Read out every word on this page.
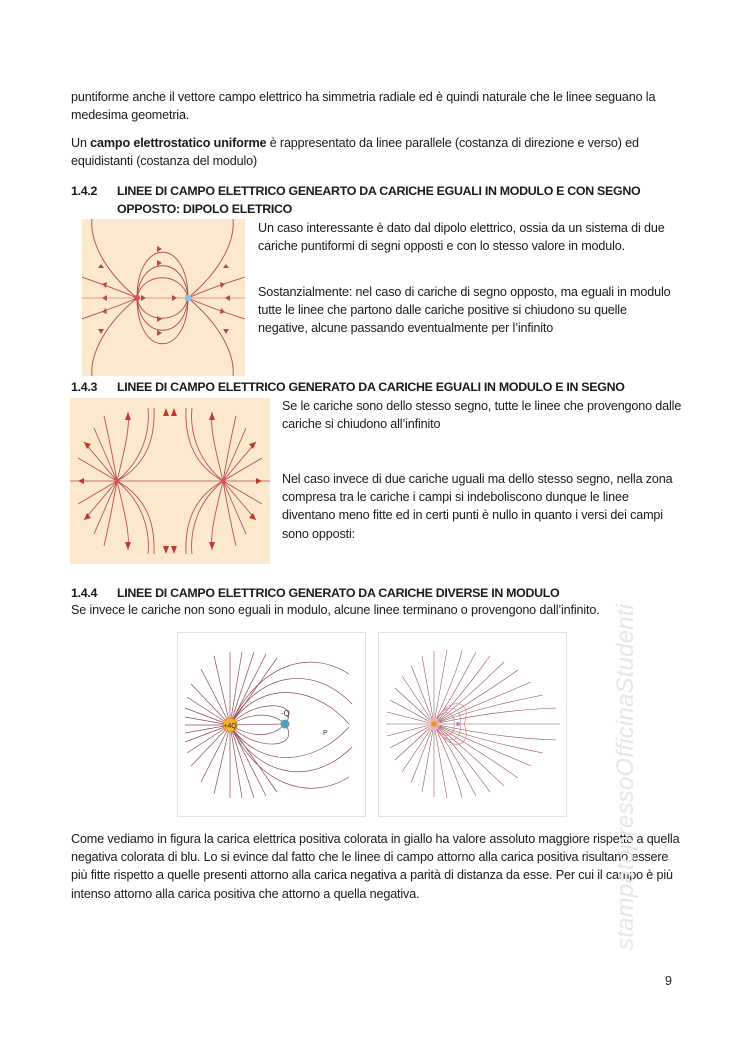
puntiforme anche il vettore campo elettrico ha simmetria radiale ed è quindi naturale che le linee seguano la medesima geometria.
Un campo elettrostatico uniforme è rappresentato da linee parallele (costanza di direzione e verso) ed equidistanti (costanza del modulo)
1.4.2 LINEE DI CAMPO ELETTRICO GENEARTO DA CARICHE EGUALI IN MODULO E CON SEGNO
OPPOSTO: DIPOLO ELETRICO
Un caso interessante è dato dal dipolo elettrico, ossia da un sistema di due cariche puntiformi di segni opposti e con lo stesso valore in modulo.
Sostanzialmente: nel caso di cariche di segno opposto, ma eguali in modulo tutte le linee che partono dalle cariche positive si chiudono su quelle negative, alcune passando eventualmente per l’infinito
1.4.3 LINEE DI CAMPO ELETTRICO GENERATO DA CARICHE EGUALI IN MODULO E IN SEGNO
Se le cariche sono dello stesso segno, tutte le linee che provengono dalle cariche si chiudono all’infinito
Nel caso invece di due cariche uguali ma dello stesso segno, nella zona compresa tra le cariche i campi si indeboliscono dunque le linee diventano meno fitte ed in certi punti è nullo in quanto i versi dei campi sono opposti:
1.4.4 LINEE DI CAMPO ELETTRICO GENERATO DA CARICHE DIVERSE IN MODULO
Se invece le cariche non sono eguali in modulo, alcune linee terminano o provengono dall’infinito.
+4Q
-Q
P
Come vediamo in figura la carica elettrica positiva colorata in giallo ha valore assoluto maggiore rispetto a quella negativa colorata di blu. Lo si evince dal fatto che le linee di campo attorno alla carica positiva risultano essere più fitte rispetto a quelle presenti attorno alla carica negativa a parità di distanza da esse. Per cui il campo è più intenso attorno alla carica positiva che attorno a quella negativa.	stampatopressoOfficinaStudenti
9
